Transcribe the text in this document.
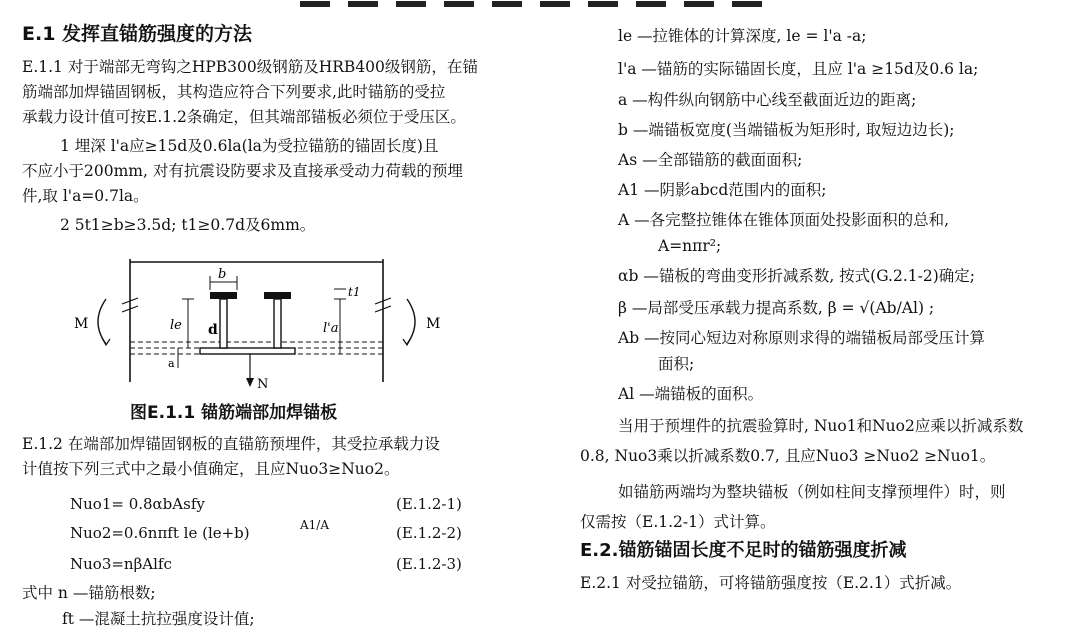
E.1 发挥直锚筋强度的方法
E.1.1 对于端部无弯钩之HPB300级钢筋及HRB400级钢筋，在锚
筋端部加焊锚固钢板，其构造应符合下列要求,此时锚筋的受拉
承载力设计值可按E.1.2条确定，但其端部锚板必须位于受压区。
1 埋深 l'a应≥15d及0.6la(la为受拉锚筋的锚固长度)且
不应小于200mm, 对有抗震设防要求及直接承受动力荷载的预埋
件,取 l'a=0.7la。
2 5t1≥b≥3.5d; t1≥0.7d及6mm。
b
le d	l'a
t1
a
N
M	M
图E.1.1 锚筋端部加焊锚板
E.1.2 在端部加焊锚固钢板的直锚筋预埋件，其受拉承载力设
计值按下列三式中之最小值确定，且应Nuo3≥Nuo2。
Nuo1= 0.8αbAsfy	(E.1.2-1)
Nuo2=0.6nπft le (le+b)	A1/A	(E.1.2-2)
Nuo3=nβAlfc	(E.1.2-3)
式中 n —锚筋根数;
ft —混凝土抗拉强度设计值;
le —拉锥体的计算深度, le = l'a -a;
l'a —锚筋的实际锚固长度，且应 l'a ≥15d及0.6 la;
a —构件纵向钢筋中心线至截面近边的距离;
b —端锚板宽度(当端锚板为矩形时, 取短边边长);
As —全部锚筋的截面面积;
A1 —阴影abcd范围内的面积;
A —各完整拉锥体在锥体顶面处投影面积的总和,
A=nπr²;
αb —锚板的弯曲变形折减系数, 按式(G.2.1-2)确定;
β —局部受压承载力提高系数, β = √(Ab/Al) ;
Ab —按同心短边对称原则求得的端锚板局部受压计算
面积;
Al —端锚板的面积。
当用于预埋件的抗震验算时, Nuo1和Nuo2应乘以折减系数
0.8, Nuo3乘以折减系数0.7, 且应Nuo3 ≥Nuo2 ≥Nuo1。
如锚筋两端均为整块锚板（例如柱间支撑预埋件）时，则
仅需按（E.1.2-1）式计算。
E.2.锚筋锚固长度不足时的锚筋强度折减
E.2.1 对受拉锚筋，可将锚筋强度按（E.2.1）式折减。
